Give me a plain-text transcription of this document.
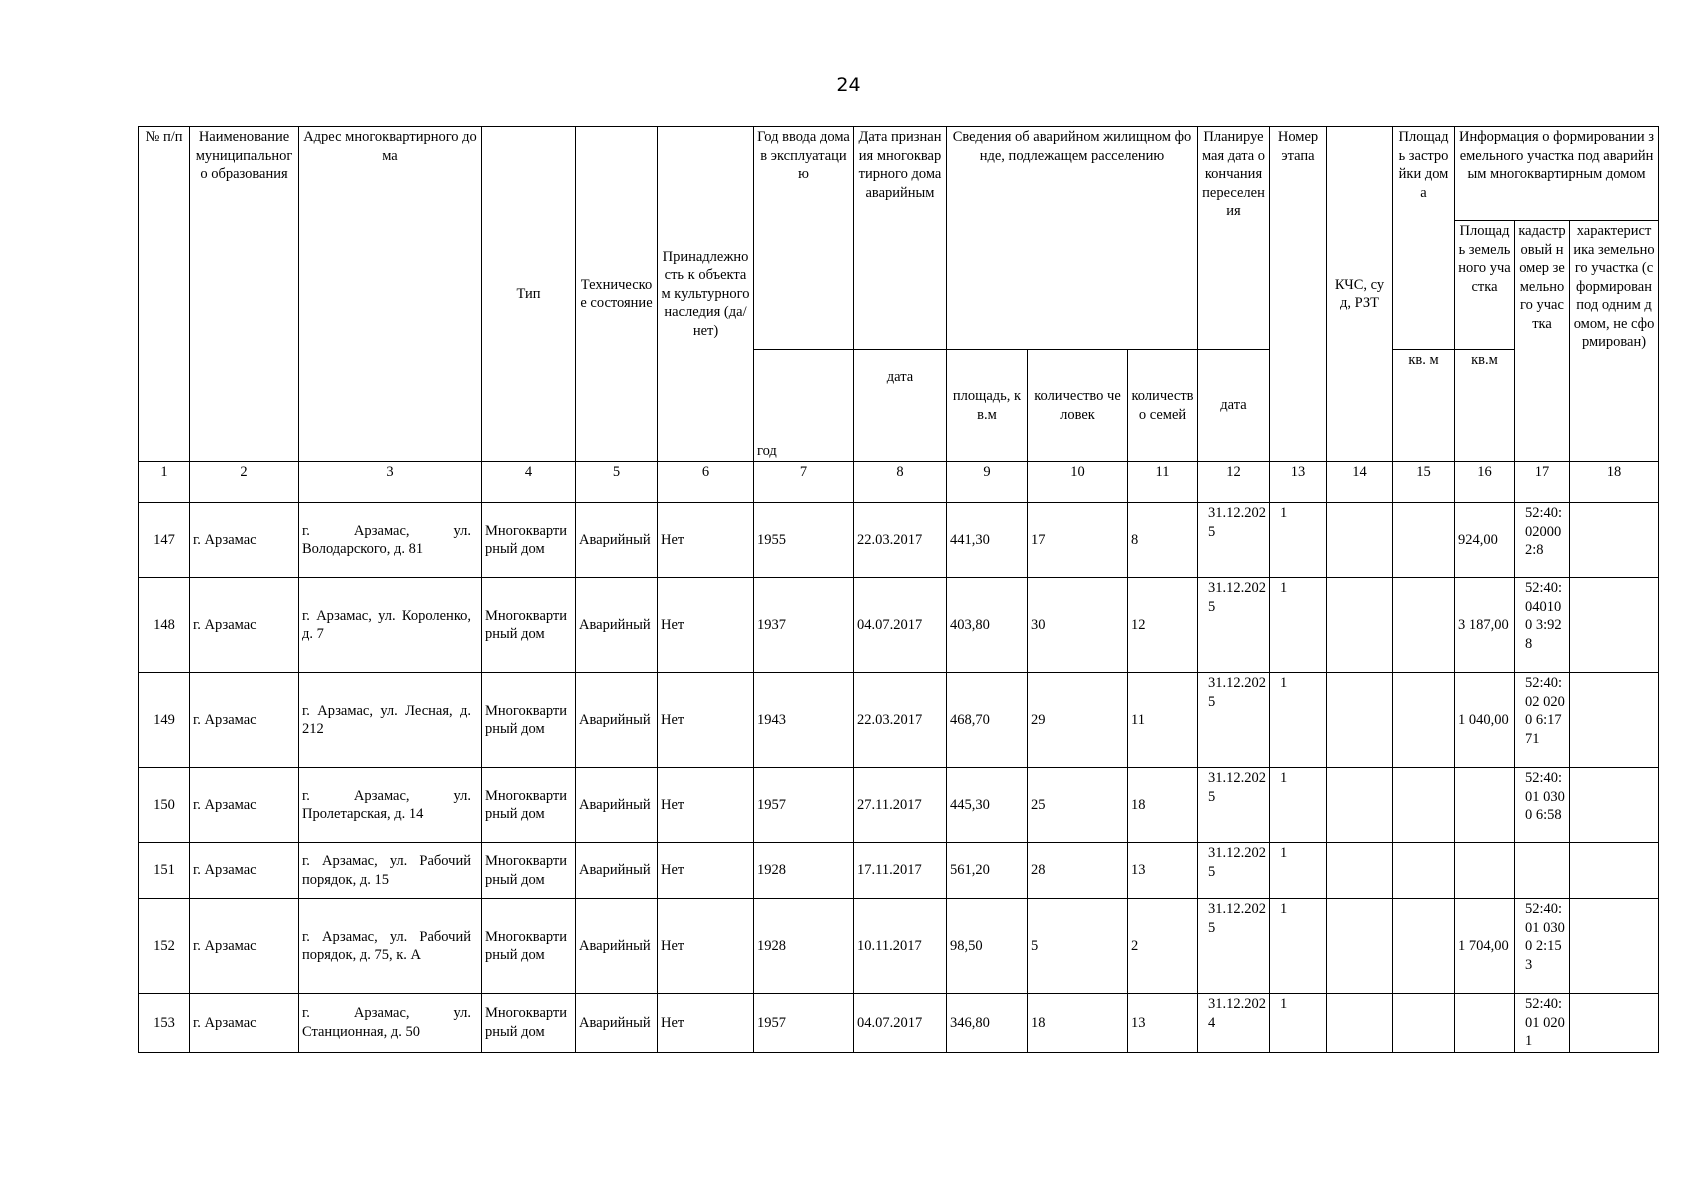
24
№ п/п	Наименование муниципального образования	Адрес многоквартирного дома	Тип	Техническое состояние	Принадлежность к объектам культурного наследия (да/нет)	Год ввода дома в эксплуатацию	Дата признания многоквартирного дома аварийным	Сведения об аварийном жилищном фонде, подлежащем расселению			Планируемая дата окончания переселения	Номер этапа	КЧС, суд, РЗТ	Площадь застройки дома	Информация о формировании земельного участка под аварийным многоквартирным домом		
															Площадь земельного участка	кадастровый номер земельного участка	характеристика земельного участка (сформирован под одним домом, не сформирован)
						год	дата	площадь, кв.м	количество человек	количество семей	дата			кв. м	кв.м		
1	2	3	4	5	6	7	8	9	10	11	12	13	14	15	16	17	18
147	г. Арзамас	г. Арзамас, ул. Володарского, д. 81	Многоквартирный дом	Аварийный	Нет	1955	22.03.2017	441,30	17	8	31.12.2025	1			924,00	52:40:020002:8	
148	г. Арзамас	г. Арзамас, ул. Короленко, д. 7	Многоквартирный дом	Аварийный	Нет	1937	04.07.2017	403,80	30	12	31.12.2025	1			3 187,00	52:40:040100 3:928	
149	г. Арзамас	г. Арзамас, ул. Лесная, д. 212	Многоквартирный дом	Аварийный	Нет	1943	22.03.2017	468,70	29	11	31.12.2025	1			1 040,00	52:40:02 0200 6:1771	
150	г. Арзамас	г. Арзамас, ул. Пролетарская, д. 14	Многоквартирный дом	Аварийный	Нет	1957	27.11.2017	445,30	25	18	31.12.2025	1				52:40:01 0300 6:58	
151	г. Арзамас	г. Арзамас, ул. Рабочий порядок, д. 15	Многоквартирный дом	Аварийный	Нет	1928	17.11.2017	561,20	28	13	31.12.2025	1					
152	г. Арзамас	г. Арзамас, ул. Рабочий порядок, д. 75, к. А	Многоквартирный дом	Аварийный	Нет	1928	10.11.2017	98,50	5	2	31.12.2025	1			1 704,00	52:40:01 0300 2:153	
153	г. Арзамас	г. Арзамас, ул. Станционная, д. 50	Многоквартирный дом	Аварийный	Нет	1957	04.07.2017	346,80	18	13	31.12.2024	1				52:40:01 0201	
